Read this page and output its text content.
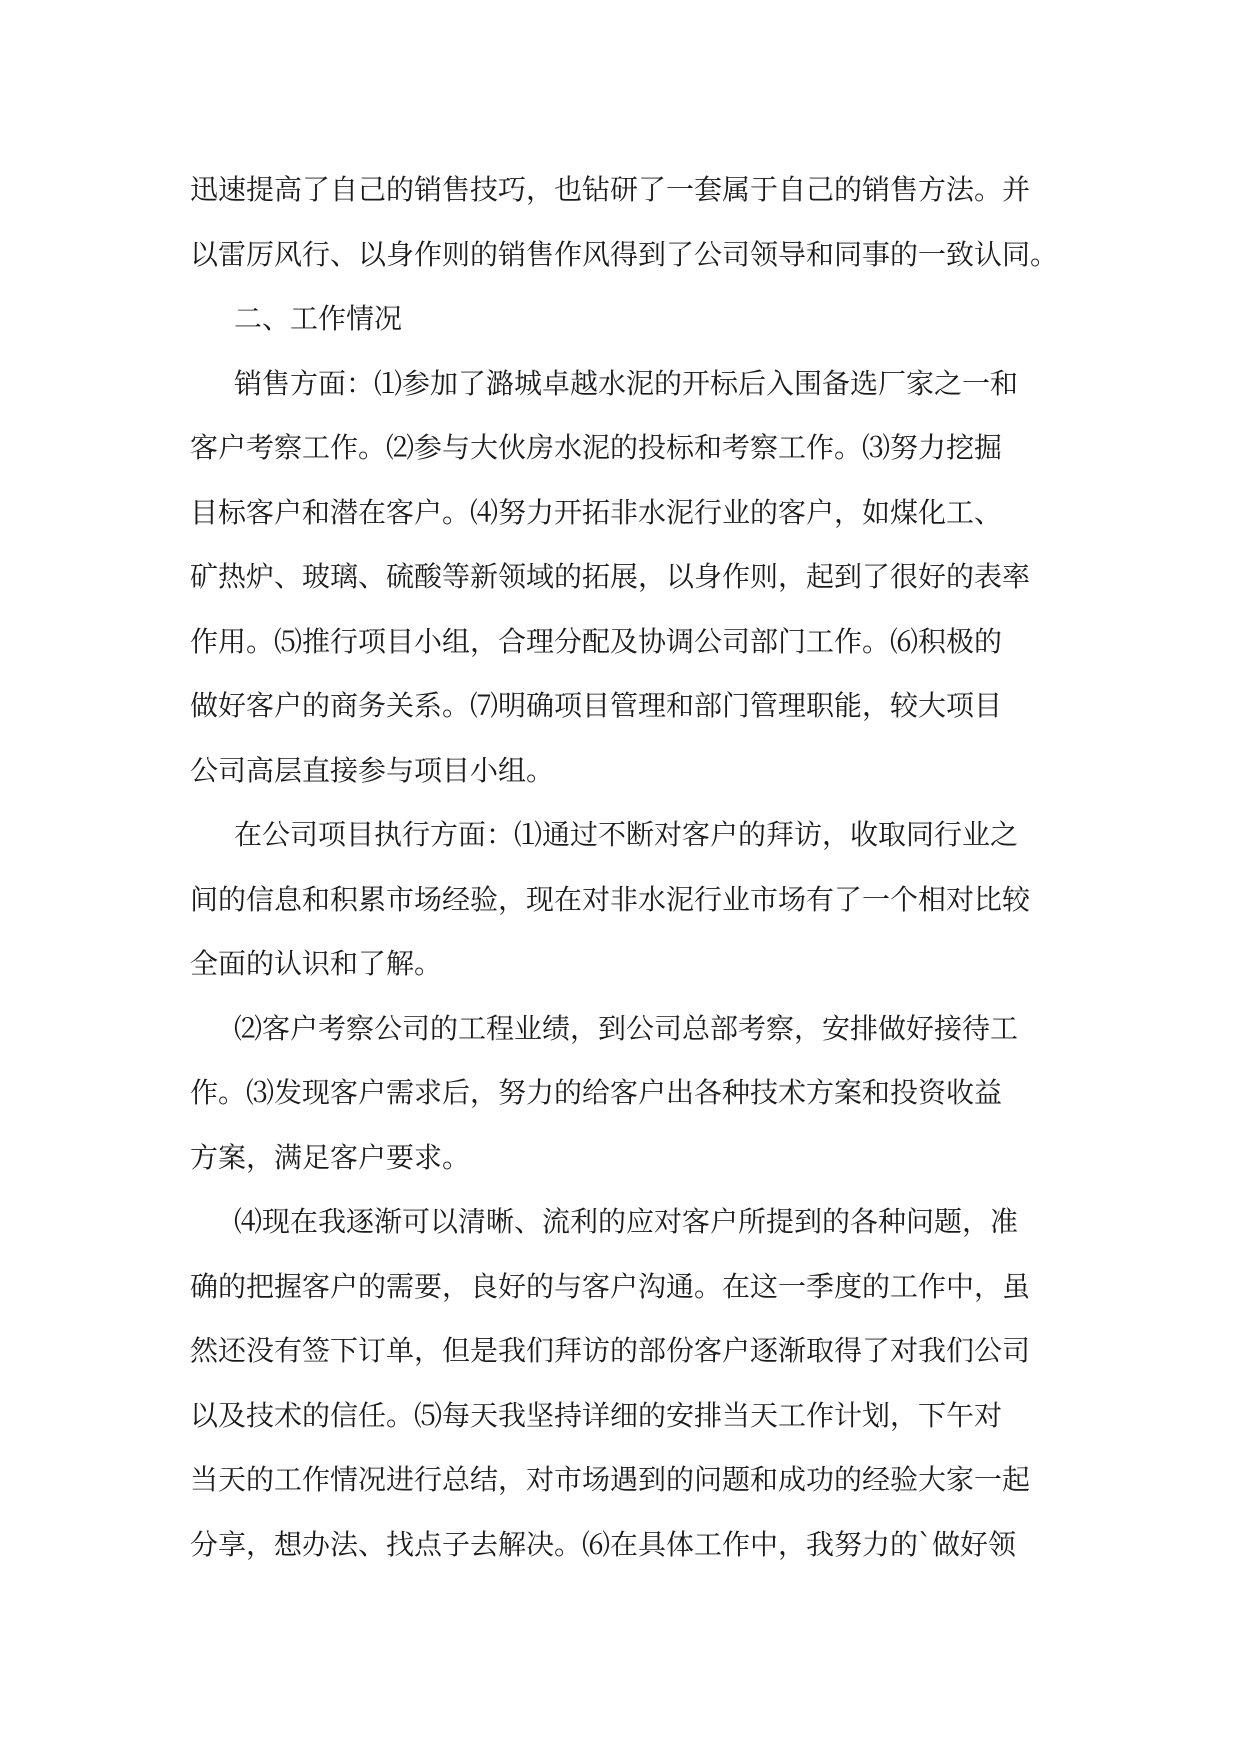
迅速提高了自己的销售技巧，也钻研了一套属于自己的销售方法。并
以雷厉风行、以身作则的销售作风得到了公司领导和同事的一致认同。
二、工作情况
销售方面：⑴参加了潞城卓越水泥的开标后入围备选厂家之一和
客户考察工作。⑵参与大伙房水泥的投标和考察工作。⑶努力挖掘
目标客户和潜在客户。⑷努力开拓非水泥行业的客户，如煤化工、
矿热炉、玻璃、硫酸等新领域的拓展，以身作则，起到了很好的表率
作用。⑸推行项目小组，合理分配及协调公司部门工作。⑹积极的
做好客户的商务关系。⑺明确项目管理和部门管理职能，较大项目
公司高层直接参与项目小组。
在公司项目执行方面：⑴通过不断对客户的拜访，收取同行业之
间的信息和积累市场经验，现在对非水泥行业市场有了一个相对比较
全面的认识和了解。
⑵客户考察公司的工程业绩，到公司总部考察，安排做好接待工
作。⑶发现客户需求后，努力的给客户出各种技术方案和投资收益
方案，满足客户要求。
⑷现在我逐渐可以清晰、流利的应对客户所提到的各种问题，准
确的把握客户的需要，良好的与客户沟通。在这一季度的工作中，虽
然还没有签下订单，但是我们拜访的部份客户逐渐取得了对我们公司
以及技术的信任。⑸每天我坚持详细的安排当天工作计划，下午对
当天的工作情况进行总结，对市场遇到的问题和成功的经验大家一起
分享，想办法、找点子去解决。⑹在具体工作中，我努力的`做好领
